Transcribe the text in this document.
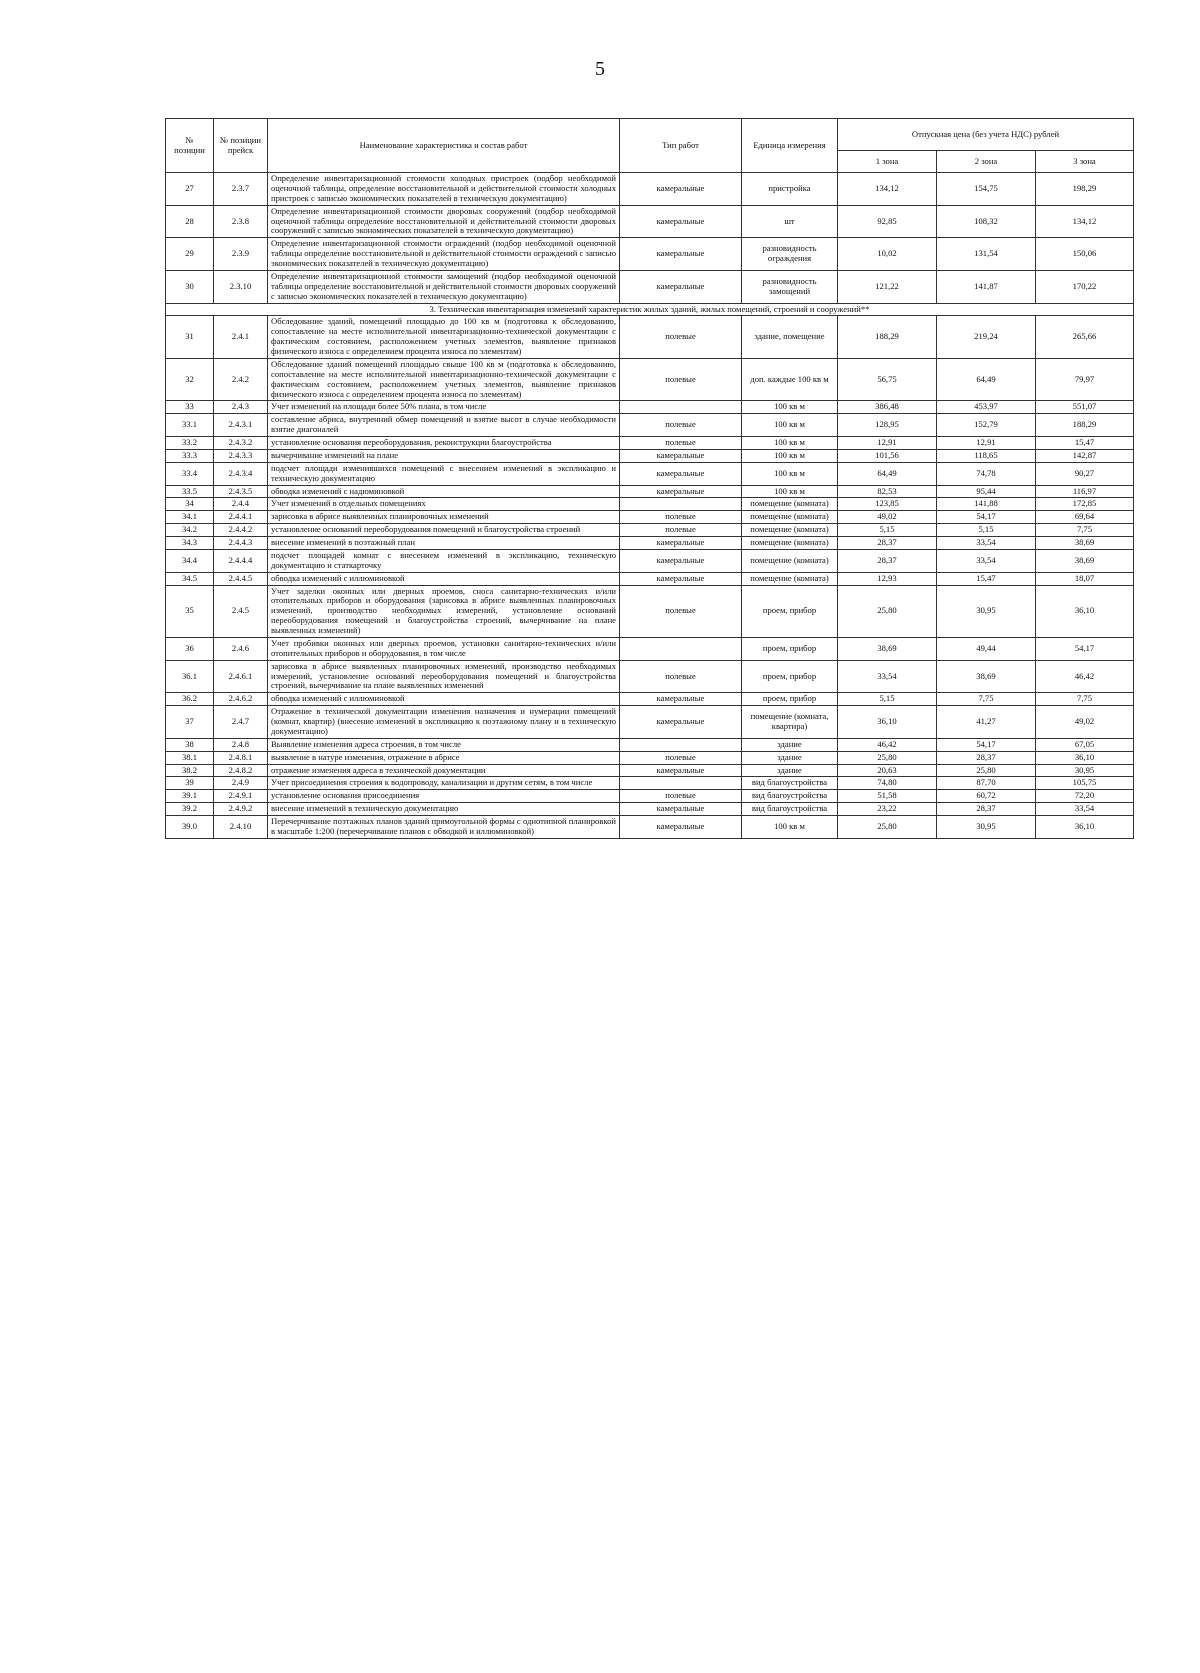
5
№ позиции	№ позиции прейск	Наименование характеристика и состав работ	Тип работ	Единица измерения	Отпускная цена (без учета НДС) рублей		
					1 зона	2 зона	3 зона
27	2.3.7	Определение инвентаризационной стоимости холодных пристроек (подбор необходимой оценочной таблицы, определение восстановительной и действительной стоимости холодных пристроек с записью экономических показателей в техническую документацию)	камеральные	пристройка	134,12	154,75	198,29
28	2.3.8	Определение инвентаризационной стоимости дворовых сооружений (подбор необходимой оценочной таблицы определение восстановительной и действительной стоимости дворовых сооружений с записью экономических показателей в техническую документацию)	камеральные	шт	92,85	108,32	134,12
29	2.3.9	Определение инвентаризационной стоимости ограждений (подбор необходимой оценочной таблицы определение восстановительной и действительной стоимости ограждений с записью экономических показателей в техническую документацию)	камеральные	разновидность ограждения	10,02	131,54	150,06
30	2.3.10	Определение инвентаризационной стоимости замощений (подбор необходимой оценочной таблицы определение восстановительной и действительной стоимости дворовых сооружений с записью экономических показателей в техническую документацию)	камеральные	разновидность замощений	121,22	141,87	170,22
3. Техническая инвентаризация изменений характеристик жилых зданий, жилых помещений, строений и сооружений**							
31	2.4.1	Обследование зданий, помещений площадью до 100 кв м (подготовка к обследованию, сопоставление на месте исполнительной инвентаризационно-технической документации с фактическим состоянием, расположением учетных элементов, выявление признаков физического износа с определением процента износа по элементам)	полевые	здание, помещение	188,29	219,24	265,66
32	2.4.2	Обследование зданий помещений площадью свыше 100 кв м (подготовка к обследованию, сопоставление на месте исполнительной инвентаризационно-технической документации с фактическим состоянием, расположением учетных элементов, выявление признаков физического износа с определением процента износа по элементам)	полевые	доп. каждые 100 кв м	56,75	64,49	79,97
33	2.4.3	Учет изменений на площади более 50% плана, в том числе		100 кв м	386,48	453,97	551,07
33.1	2.4.3.1	составление абриса, внутренний обмер помещений и взятие высот в случае необходимости взятие диагоналей	полевые	100 кв м	128,95	152,79	188,29
33.2	2.4.3.2	установление основания переоборудования, реконструкции благоустройства	полевые	100 кв м	12,91	12,91	15,47
33.3	2.4.3.3	вычерчивание изменений на плане	камеральные	100 кв м	101,56	118,65	142,87
33.4	2.4.3.4	подсчет площади изменившихся помещений с внесением изменений в экспликацию и техническую документацию	камеральные	100 кв м	64,49	74,78	90,27
33.5	2.4.3.5	обводка изменений с надюминовкой	камеральные	100 кв м	82,53	95,44	116,97
34	2.4.4	Учет изменений в отдельных помещениях		помещение (комната)	123,85	141,88	172,85
34.1	2.4.4.1	зарисовка в абрисе выявленных планировочных изменений	полевые	помещение (комната)	49,02	54,17	69,64
34.2	2.4.4.2	установление оснований переоборудования помещений и благоустройства строений	полевые	помещение (комната)	5,15	5,15	7,75
34.3	2.4.4.3	внесение изменений в поэтажный план	камеральные	помещение (комната)	28,37	33,54	38,69
34.4	2.4.4.4	подсчет площадей комнат с внесением изменений в экспликацию, техническую документацию и статкарточку	камеральные	помещение (комната)	28,37	33,54	38,69
34.5	2.4.4.5	обводка изменений с иллюминовкой	камеральные	помещение (комната)	12,93	15,47	18,07
35	2.4.5	Учет заделки оконных или дверных проемов, сноса санитарно-технических и/или отопительных приборов и оборудования (зарисовка в абрисе выявленных планировочных изменений, производство необходимых измерений, установление оснований переоборудования помещений и благоустройства строений, вычерчивание на плане выявленных изменений)	полевые	проем, прибор	25,80	30,95	36,10
36	2.4.6	Учет пробивки оконных или дверных проемов, установки санитарно-технических и/или отопительных приборов и оборудования, в том числе		проем, прибор	38,69	49,44	54,17
36.1	2.4.6.1	зарисовка в абрисе выявленных планировочных изменений, производство необходимых измерений, установление оснований переоборудования помещений и благоустройства строений, вычерчивание на плане выявленных изменений	полевые	проем, прибор	33,54	38,69	46,42
36.2	2.4.6.2	обводка изменений с иллюминовкой	камеральные	проем, прибор	5,15	7,75	7,75
37	2.4.7	Отражение в технической документации изменения назначения и нумерации помещений (комнат, квартир) (внесение изменений в экспликацию к поэтажному плану и в техническую документацию)	камеральные	помещение (комната, квартира)	36,10	41,27	49,02
38	2.4.8	Выявление изменения адреса строения, в том числе		здание	46,42	54,17	67,05
38.1	2.4.8.1	выявление в натуре изменения, отражение в абрисе	полевые	здание	25,80	28,37	36,10
38.2	2.4.8.2	отражение изменения адреса в технической документации	камеральные	здание	20,63	25,80	30,95
39	2.4.9	Учет присоединения строения к водопроводу, канализации и другим сетям, в том числе		вид благоустройства	74,80	87,70	105,75
39.1	2.4.9.1	установление основания присоединения	полевые	вид благоустройства	51,58	60,72	72,20
39.2	2.4.9.2	внесение изменений в техническую документацию	камеральные	вид благоустройства	23,22	28,37	33,54
39.0	2.4.10	Перечерчивание поэтажных планов зданий прямоугольной формы с однотипной планировкой в масштабе 1:200 (перечерчивание планов с обводкой и иллюминовкой)	камеральные	100 кв м	25,80	30,95	36,10
